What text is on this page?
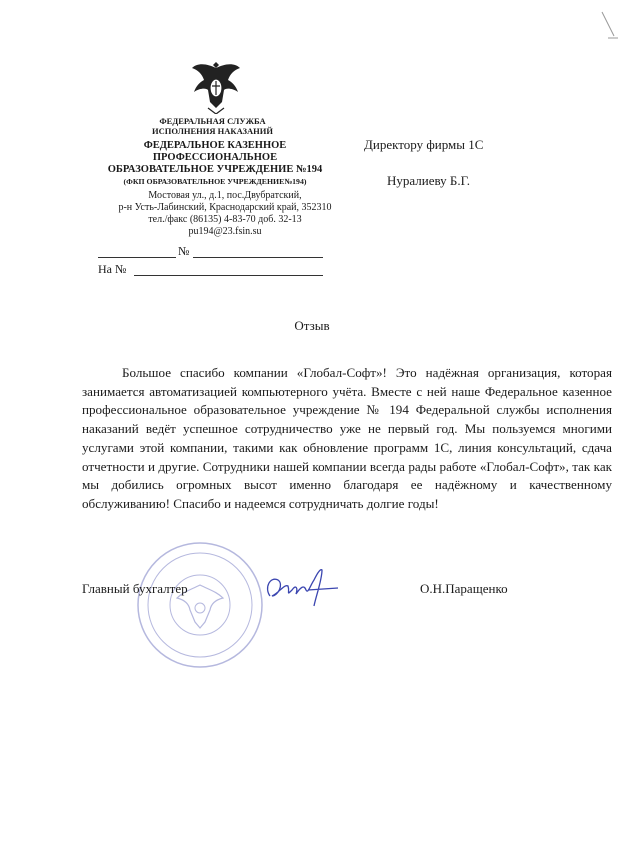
ФЕДЕРАЛЬНАЯ СЛУЖБА
ИСПОЛНЕНИЯ НАКАЗАНИЙ
ФЕДЕРАЛЬНОЕ КАЗЕННОЕ
ПРОФЕССИОНАЛЬНОЕ
ОБРАЗОВАТЕЛЬНОЕ УЧРЕЖДЕНИЕ №194
(ФКП ОБРАЗОВАТЕЛЬНОЕ УЧРЕЖДЕНИЕ№194)
Мостовая ул., д.1, пос.Двубратский,
р-н Усть-Лабинский, Краснодарский край, 352310
тел./факс (86135) 4-83-70 доб. 32-13
pu194@23.fsin.su
№
На №
Директору фирмы 1С
Нуралиеву Б.Г.
Отзыв
Большое спасибо компании «Глобал-Софт»! Это надёжная организация, которая занимается автоматизацией компьютерного учёта. Вместе с ней наше Федеральное казенное профессиональное образовательное учреждение № 194 Федеральной службы исполнения наказаний ведёт успешное сотрудничество уже не первый год. Мы пользуемся многими услугами этой компании, такими как обновление программ 1С, линия консультаций, сдача отчетности и другие. Сотрудники нашей компании всегда рады работе «Глобал-Софт», так как мы добились огромных высот именно благодаря ее надёжному и качественному обслуживанию! Спасибо и надеемся сотрудничать долгие годы!
Главный бухгалтер	О.Н.Паращенко
